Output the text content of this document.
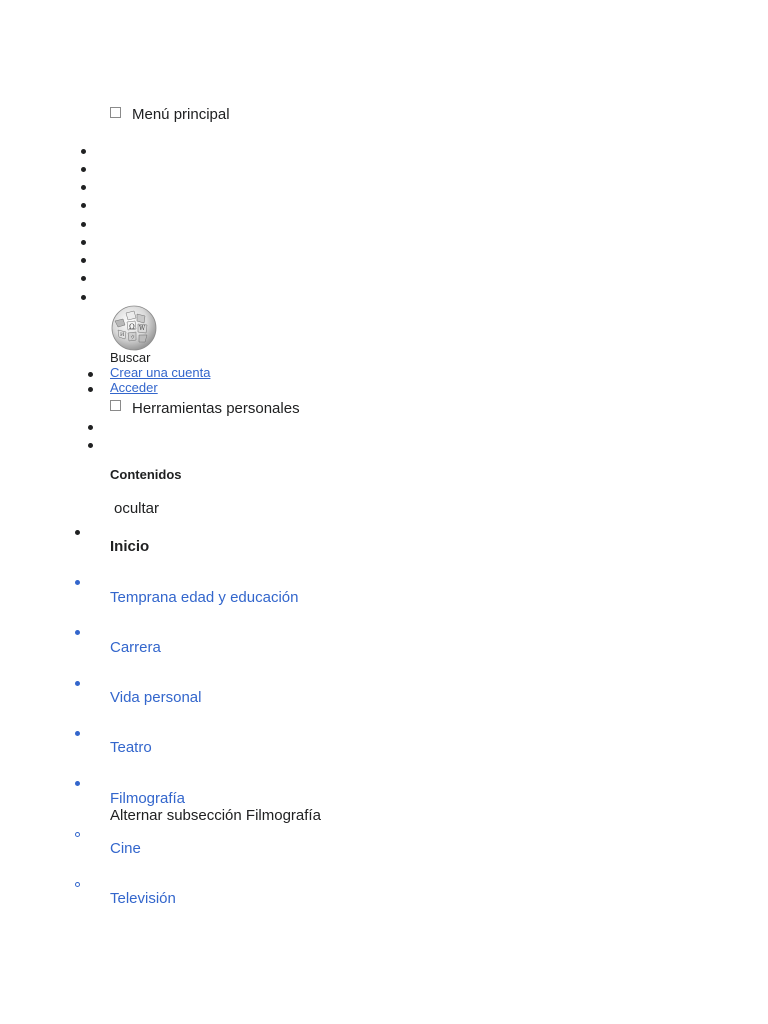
Menú principal
Ω W
И ウ
Buscar
Crear una cuenta
Acceder
Herramientas personales
Contenidos
ocultar
Inicio
Temprana edad y educación
Carrera
Vida personal
Teatro
Filmografía
Alternar subsección Filmografía
Cine
Televisión
